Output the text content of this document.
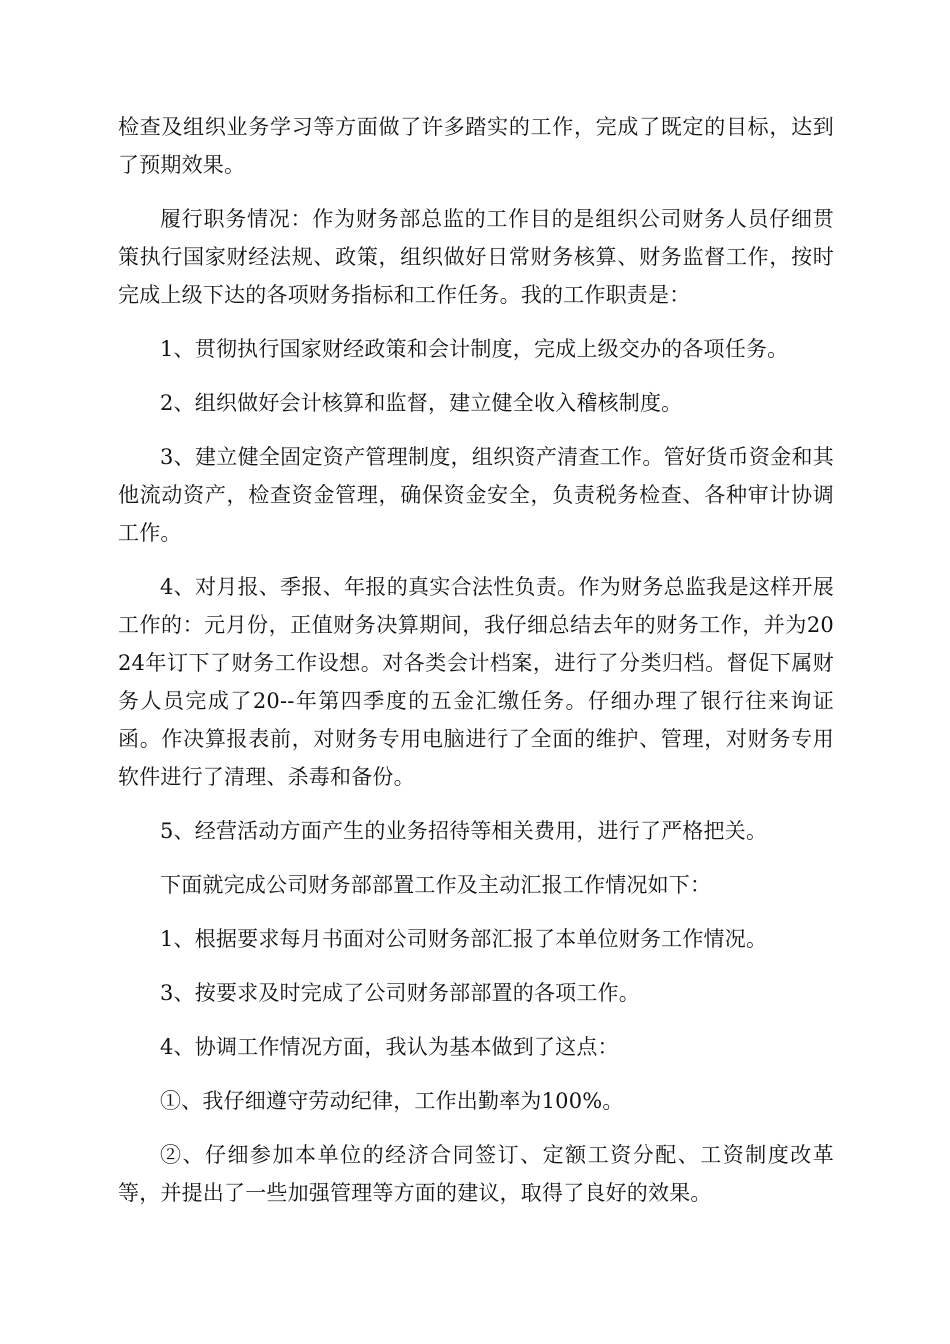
检查及组织业务学习等方面做了许多踏实的工作，完成了既定的目标，达到了预期效果。

履行职务情况：作为财务部总监的工作目的是组织公司财务人员仔细贯策执行国家财经法规、政策，组织做好日常财务核算、财务监督工作，按时完成上级下达的各项财务指标和工作任务。我的工作职责是：

1、贯彻执行国家财经政策和会计制度，完成上级交办的各项任务。

2、组织做好会计核算和监督，建立健全收入稽核制度。

3、建立健全固定资产管理制度，组织资产清查工作。管好货币资金和其他流动资产，检查资金管理，确保资金安全，负责税务检查、各种审计协调工作。

4、对月报、季报、年报的真实合法性负责。作为财务总监我是这样开展工作的：元月份，正值财务决算期间，我仔细总结去年的财务工作，并为2024年订下了财务工作设想。对各类会计档案，进行了分类归档。督促下属财务人员完成了20--年第四季度的五金汇缴任务。仔细办理了银行往来询证函。作决算报表前，对财务专用电脑进行了全面的维护、管理，对财务专用软件进行了清理、杀毒和备份。

5、经营活动方面产生的业务招待等相关费用，进行了严格把关。

下面就完成公司财务部部置工作及主动汇报工作情况如下：

1、根据要求每月书面对公司财务部汇报了本单位财务工作情况。

3、按要求及时完成了公司财务部部置的各项工作。

4、协调工作情况方面，我认为基本做到了这点：

①、我仔细遵守劳动纪律，工作出勤率为100%。

②、仔细参加本单位的经济合同签订、定额工资分配、工资制度改革等，并提出了一些加强管理等方面的建议，取得了良好的效果。
